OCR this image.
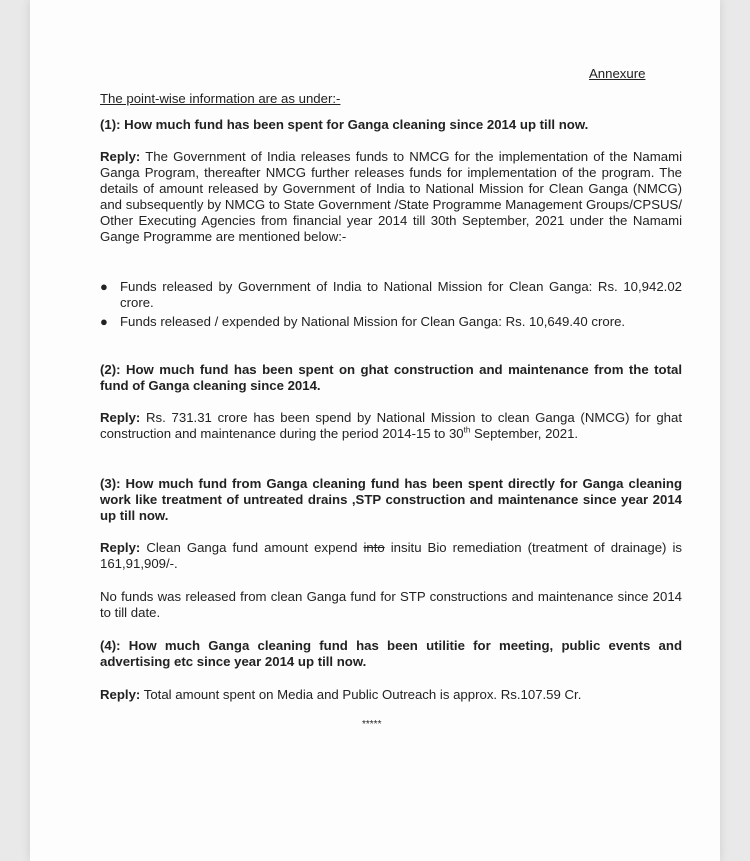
Annexure

The point-wise information are as under:-

(1): How much fund has been spent for Ganga cleaning since 2014 up till now.

Reply: The Government of India releases funds to NMCG for the implementation of the Namami Ganga Program, thereafter NMCG further releases funds for implementation of the program. The details of amount released by Government of India to National Mission for Clean Ganga (NMCG) and subsequently by NMCG to State Government /State Programme Management Groups/CPSUS/ Other Executing Agencies from financial year 2014 till 30th September, 2021 under the Namami Gange Programme are mentioned below:-

● Funds released by Government of India to National Mission for Clean Ganga: Rs. 10,942.02 crore.
● Funds released / expended by National Mission for Clean Ganga: Rs. 10,649.40 crore.

(2): How much fund has been spent on ghat construction and maintenance from the total fund of Ganga cleaning since 2014.

Reply: Rs. 731.31 crore has been spend by National Mission to clean Ganga (NMCG) for ghat construction and maintenance during the period 2014-15 to 30th September, 2021.

(3): How much fund from Ganga cleaning fund has been spent directly for Ganga cleaning work like treatment of untreated drains ,STP construction and maintenance since year 2014 up till now.

Reply: Clean Ganga fund amount expend into insitu Bio remediation (treatment of drainage) is 161,91,909/-.

No funds was released from clean Ganga fund for STP constructions and maintenance since 2014 to till date.

(4): How much Ganga cleaning fund has been utilitie for meeting, public events and advertising etc since year 2014 up till now.

Reply: Total amount spent on Media and Public Outreach is approx. Rs.107.59 Cr.

*****
